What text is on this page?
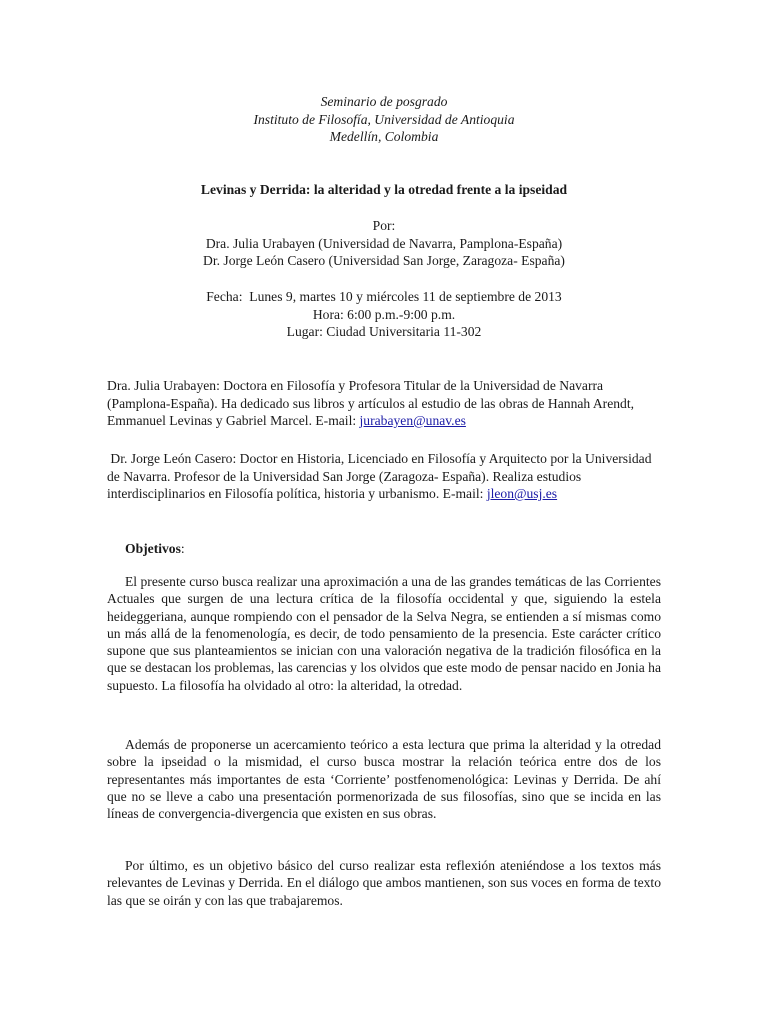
Seminario de posgrado
Instituto de Filosofía, Universidad de Antioquia
Medellín, Colombia
Levinas y Derrida: la alteridad y la otredad frente a la ipseidad
Por:
Dra. Julia Urabayen (Universidad de Navarra, Pamplona-España)
Dr. Jorge León Casero (Universidad San Jorge, Zaragoza- España)
Fecha:  Lunes 9, martes 10 y miércoles 11 de septiembre de 2013
Hora: 6:00 p.m.-9:00 p.m.
Lugar: Ciudad Universitaria 11-302
Dra. Julia Urabayen: Doctora en Filosofía y Profesora Titular de la Universidad de Navarra (Pamplona-España). Ha dedicado sus libros y artículos al estudio de las obras de Hannah Arendt, Emmanuel Levinas y Gabriel Marcel. E-mail: jurabayen@unav.es
Dr. Jorge León Casero: Doctor en Historia, Licenciado en Filosofía y Arquitecto por la Universidad de Navarra. Profesor de la Universidad San Jorge (Zaragoza- España). Realiza estudios interdisciplinarios en Filosofía política, historia y urbanismo. E-mail: jleon@usj.es
Objetivos:
El presente curso busca realizar una aproximación a una de las grandes temáticas de las Corrientes Actuales que surgen de una lectura crítica de la filosofía occidental y que, siguiendo la estela heideggeriana, aunque rompiendo con el pensador de la Selva Negra, se entienden a sí mismas como un más allá de la fenomenología, es decir, de todo pensamiento de la presencia. Este carácter crítico supone que sus planteamientos se inician con una valoración negativa de la tradición filosófica en la que se destacan los problemas, las carencias y los olvidos que este modo de pensar nacido en Jonia ha supuesto. La filosofía ha olvidado al otro: la alteridad, la otredad.
Además de proponerse un acercamiento teórico a esta lectura que prima la alteridad y la otredad sobre la ipseidad o la mismidad, el curso busca mostrar la relación teórica entre dos de los representantes más importantes de esta ‘Corriente’ postfenomenológica: Levinas y Derrida. De ahí que no se lleve a cabo una presentación pormenorizada de sus filosofías, sino que se incida en las líneas de convergencia-divergencia que existen en sus obras.
Por último, es un objetivo básico del curso realizar esta reflexión ateniéndose a los textos más relevantes de Levinas y Derrida. En el diálogo que ambos mantienen, son sus voces en forma de texto las que se oirán y con las que trabajaremos.
